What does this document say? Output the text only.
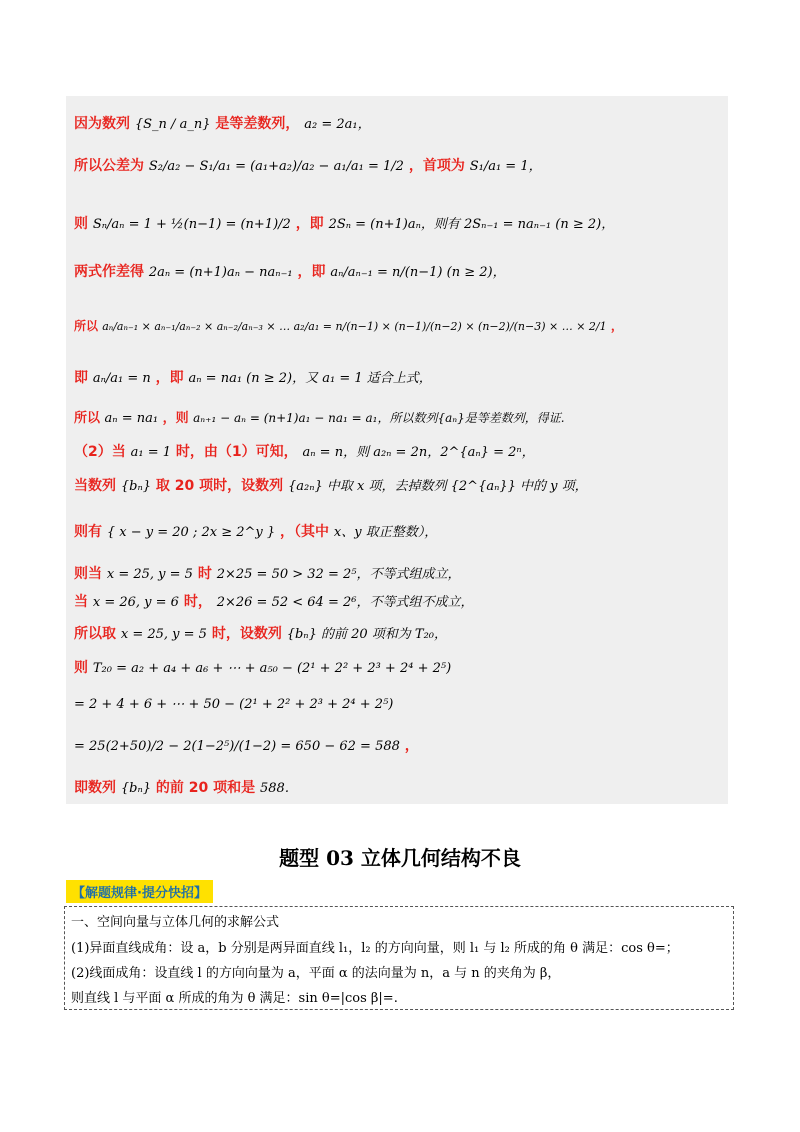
因为数列 {S_n / a_n} 是等差数列， a₂ = 2a₁，
所以公差为 S₂/a₂ − S₁/a₁ = (a₁+a₂)/a₂ − a₁/a₁ = 1/2 ，首项为 S₁/a₁ = 1，
则 Sₙ/aₙ = 1 + ½(n−1) = (n+1)/2 ，即 2Sₙ = (n+1)aₙ，则有 2Sₙ₋₁ = naₙ₋₁ (n ≥ 2)，
两式作差得 2aₙ = (n+1)aₙ − naₙ₋₁ ，即 aₙ/aₙ₋₁ = n/(n−1) (n ≥ 2)，
所以 aₙ/aₙ₋₁ × aₙ₋₁/aₙ₋₂ × aₙ₋₂/aₙ₋₃ × … a₂/a₁ = n/(n−1) × (n−1)/(n−2) × (n−2)/(n−3) × … × 2/1 ，
即 aₙ/a₁ = n ，即 aₙ = na₁ (n ≥ 2)，又 a₁ = 1 适合上式，
所以 aₙ = na₁ ，则 aₙ₊₁ − aₙ = (n+1)a₁ − na₁ = a₁，所以数列{aₙ}是等差数列，得证.
（2）当 a₁ = 1 时，由（1）可知， aₙ = n，则 a₂ₙ = 2n，2^{aₙ} = 2ⁿ，
当数列 {bₙ} 取 20 项时，设数列 {a₂ₙ} 中取 x 项，去掉数列 {2^{aₙ}} 中的 y 项，
则有 { x − y = 20 ; 2x ≥ 2^y } ，（其中 x、y 取正整数），
则当 x = 25, y = 5 时 2×25 = 50 > 32 = 2⁵，不等式组成立，
当 x = 26, y = 6 时， 2×26 = 52 < 64 = 2⁶，不等式组不成立，
所以取 x = 25, y = 5 时，设数列 {bₙ} 的前 20 项和为 T₂₀，
则 T₂₀ = a₂ + a₄ + a₆ + ⋯ + a₅₀ − (2¹ + 2² + 2³ + 2⁴ + 2⁵)
= 2 + 4 + 6 + ⋯ + 50 − (2¹ + 2² + 2³ + 2⁴ + 2⁵)
= 25(2+50)/2 − 2(1−2⁵)/(1−2) = 650 − 62 = 588 ，
即数列 {bₙ} 的前 20 项和是 588.
题型 03 立体几何结构不良
【解题规律·提分快招】
一、空间向量与立体几何的求解公式
(1)异面直线成角：设 a，b 分别是两异面直线 l₁，l₂ 的方向向量，则 l₁ 与 l₂ 所成的角 θ 满足：cos θ=；
(2)线面成角：设直线 l 的方向向量为 a，平面 α 的法向量为 n，a 与 n 的夹角为 β，
则直线 l 与平面 α 所成的角为 θ 满足：sin θ=|cos β|=.
